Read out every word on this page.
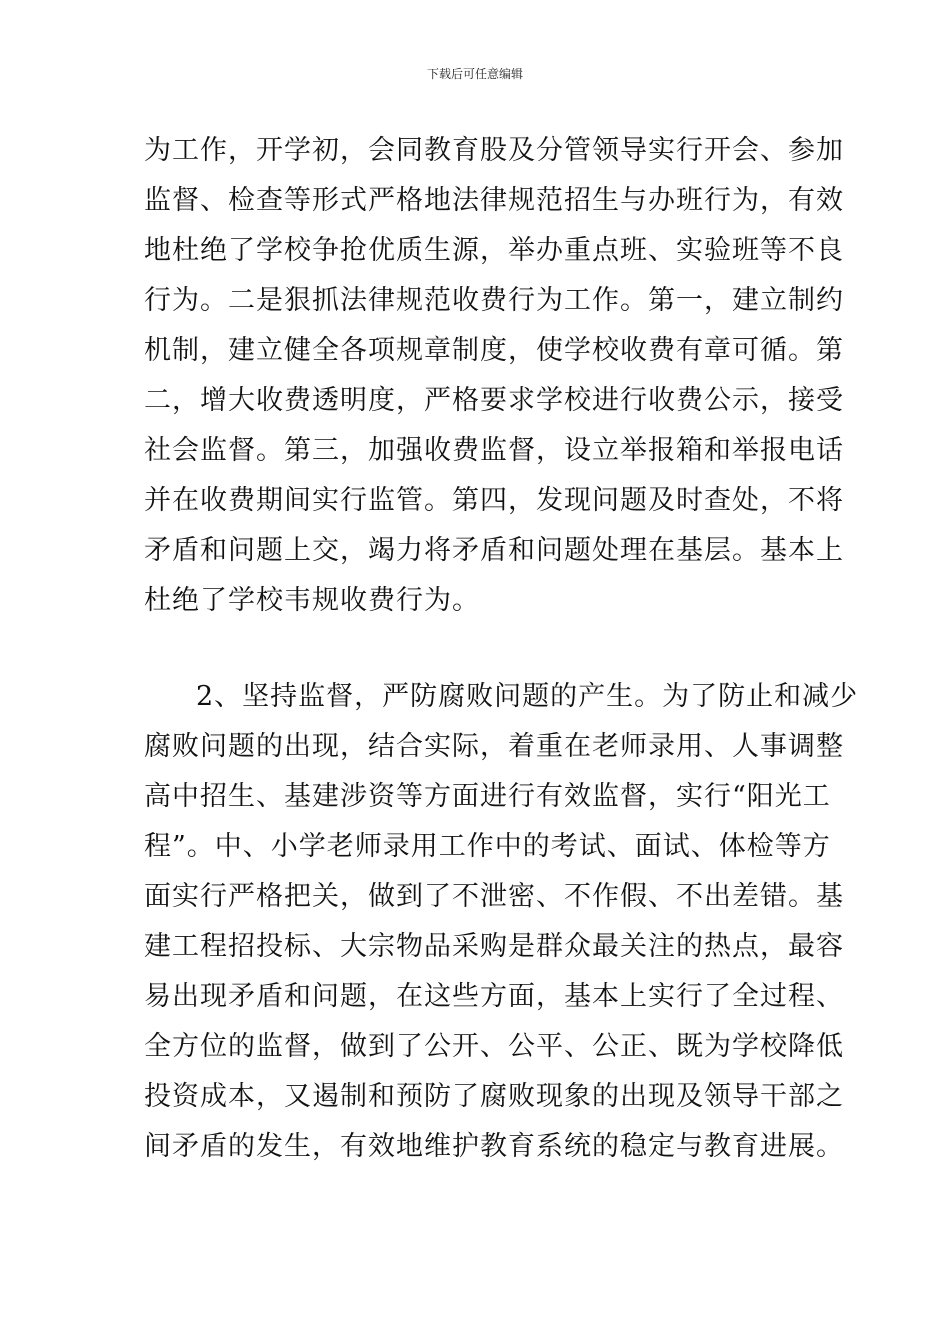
下载后可任意编辑
为工作，开学初，会同教育股及分管领导实行开会、参加
监督、检查等形式严格地法律规范招生与办班行为，有效
地杜绝了学校争抢优质生源，举办重点班、实验班等不良
行为。二是狠抓法律规范收费行为工作。第一，建立制约
机制，建立健全各项规章制度，使学校收费有章可循。第
二，增大收费透明度，严格要求学校进行收费公示，接受
社会监督。第三，加强收费监督，设立举报箱和举报电话
并在收费期间实行监管。第四，发现问题及时查处，不将
矛盾和问题上交，竭力将矛盾和问题处理在基层。基本上
杜绝了学校韦规收费行为。
2、坚持监督，严防腐败问题的产生。为了防止和减少
腐败问题的出现，结合实际，着重在老师录用、人事调整
高中招生、基建涉资等方面进行有效监督，实行“阳光工
程”。中、小学老师录用工作中的考试、面试、体检等方
面实行严格把关，做到了不泄密、不作假、不出差错。基
建工程招投标、大宗物品采购是群众最关注的热点，最容
易出现矛盾和问题，在这些方面，基本上实行了全过程、
全方位的监督，做到了公开、公平、公正、既为学校降低
投资成本，又遏制和预防了腐败现象的出现及领导干部之
间矛盾的发生，有效地维护教育系统的稳定与教育进展。
